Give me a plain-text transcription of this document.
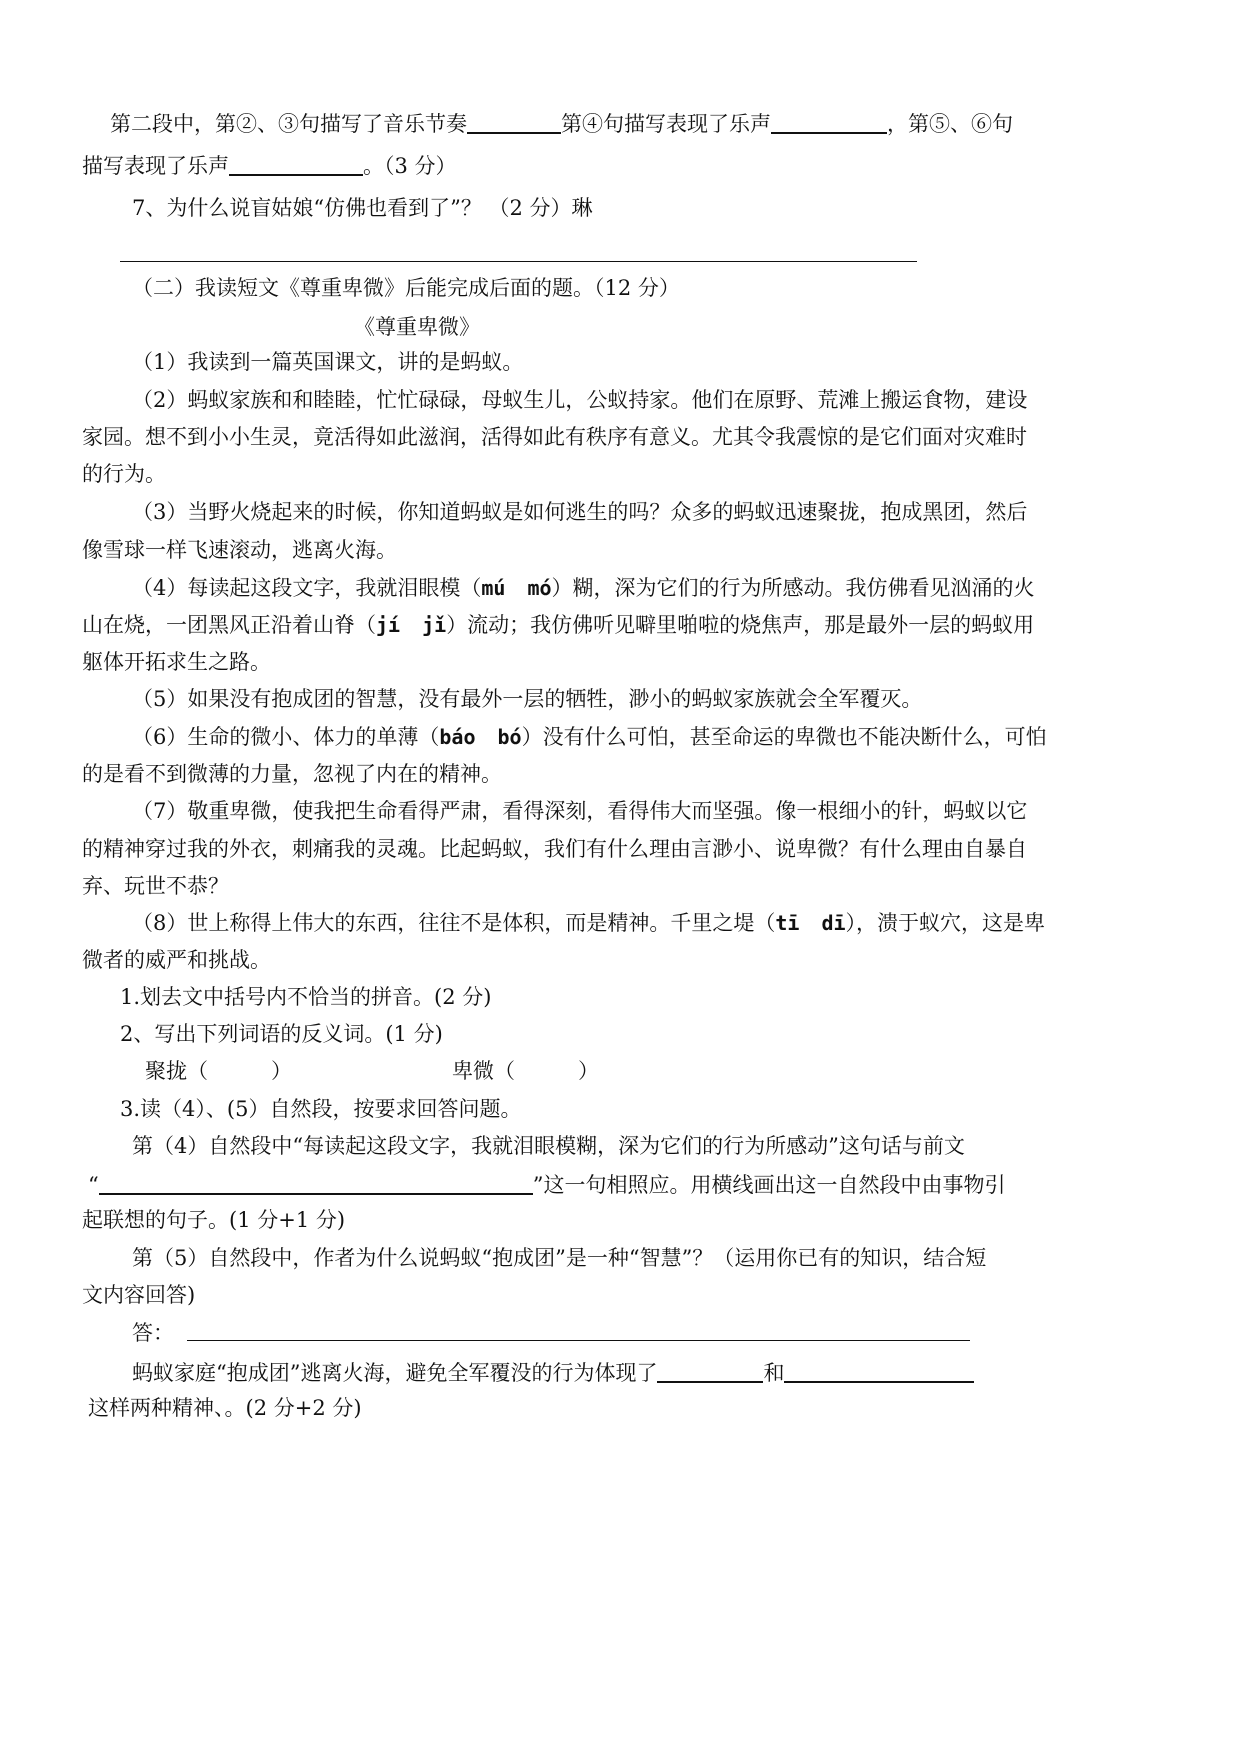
第二段中，第②、③句描写了音乐节奏	第④句描写表现了乐声	，第⑤、⑥句
描写表现了乐声	。（3 分）
7、为什么说盲姑娘“仿佛也看到了”？ （2 分）琳
（二）我读短文《尊重卑微》后能完成后面的题。（12 分）
《尊重卑微》
（1）我读到一篇英国课文，讲的是蚂蚁。
（2）蚂蚁家族和和睦睦，忙忙碌碌，母蚁生儿，公蚁持家。他们在原野、荒滩上搬运食物，建设
家园。想不到小小生灵，竟活得如此滋润，活得如此有秩序有意义。尤其令我震惊的是它们面对灾难时
的行为。
（3）当野火烧起来的时候，你知道蚂蚁是如何逃生的吗？众多的蚂蚁迅速聚拢，抱成黑团，然后
像雪球一样飞速滚动，逃离火海。
（4）每读起这段文字，我就泪眼模（mú mó）糊，深为它们的行为所感动。我仿佛看见汹涌的火
山在烧，一团黑风正沿着山脊（jí jǐ）流动；我仿佛听见噼里啪啦的烧焦声，那是最外一层的蚂蚁用
躯体开拓求生之路。
（5）如果没有抱成团的智慧，没有最外一层的牺牲，渺小的蚂蚁家族就会全军覆灭。
（6）生命的微小、体力的单薄（báo bó）没有什么可怕，甚至命运的卑微也不能决断什么，可怕
的是看不到微薄的力量，忽视了内在的精神。
（7）敬重卑微，使我把生命看得严肃，看得深刻，看得伟大而坚强。像一根细小的针，蚂蚁以它
的精神穿过我的外衣，刺痛我的灵魂。比起蚂蚁，我们有什么理由言渺小、说卑微？有什么理由自暴自
弃、玩世不恭？
（8）世上称得上伟大的东西，往往不是体积，而是精神。千里之堤（tī dī），溃于蚁穴，这是卑
微者的威严和挑战。
1.划去文中括号内不恰当的拼音。(2 分)
2、写出下列词语的反义词。(1 分)
聚拢（　　　）	卑微（　　　）
3.读（4）、(5）自然段，按要求回答问题。
第（4）自然段中“每读起这段文字，我就泪眼模糊，深为它们的行为所感动”这句话与前文
“	”这一句相照应。用横线画出这一自然段中由事物引
起联想的句子。(1 分+1 分)
第（5）自然段中，作者为什么说蚂蚁“抱成团”是一种“智慧”？（运用你已有的知识，结合短
文内容回答)
答：
蚂蚁家庭“抱成团”逃离火海，避免全军覆没的行为体现了	和
这样两种精神、。(2 分+2 分)
